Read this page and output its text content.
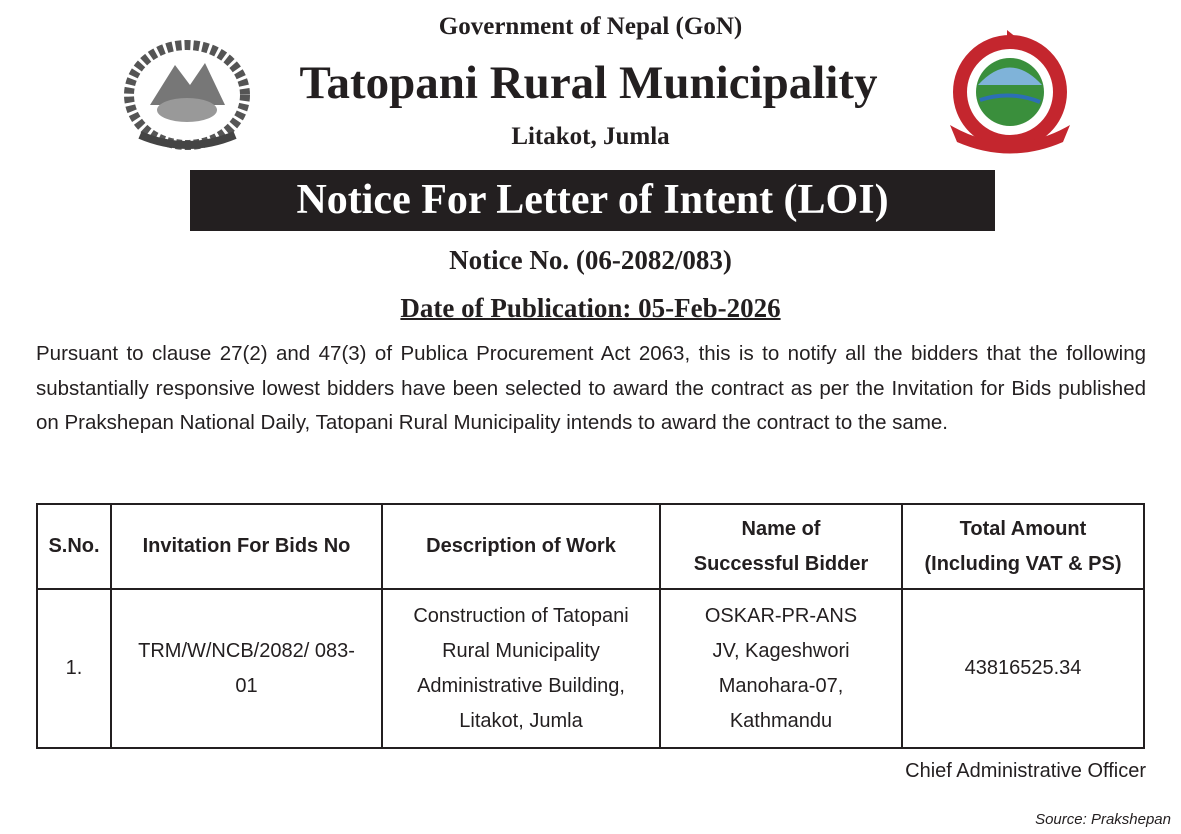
Government of Nepal (GoN)
Tatopani Rural Municipality
Litakot, Jumla
Notice For Letter of Intent (LOI)
Notice No. (06-2082/083)
Date of Publication: 05-Feb-2026

Pursuant to clause 27(2) and 47(3) of Publica Procurement Act 2063, this is to notify all the bidders that the following substantially responsive lowest bidders have been selected to award the contract as per the Invitation for Bids published on Prakshepan National Daily, Tatopani Rural Municipality intends to award the contract to the same.

S.No.	Invitation For Bids No	Description of Work	Name of Successful Bidder	Total Amount (Including VAT & PS)
1.	TRM/W/NCB/2082/ 083-01	Construction of Tatopani Rural Municipality Administrative Building, Litakot, Jumla	OSKAR-PR-ANS JV, Kageshwori Manohara-07, Kathmandu	43816525.34
Chief Administrative Officer
Source: Prakshepan
